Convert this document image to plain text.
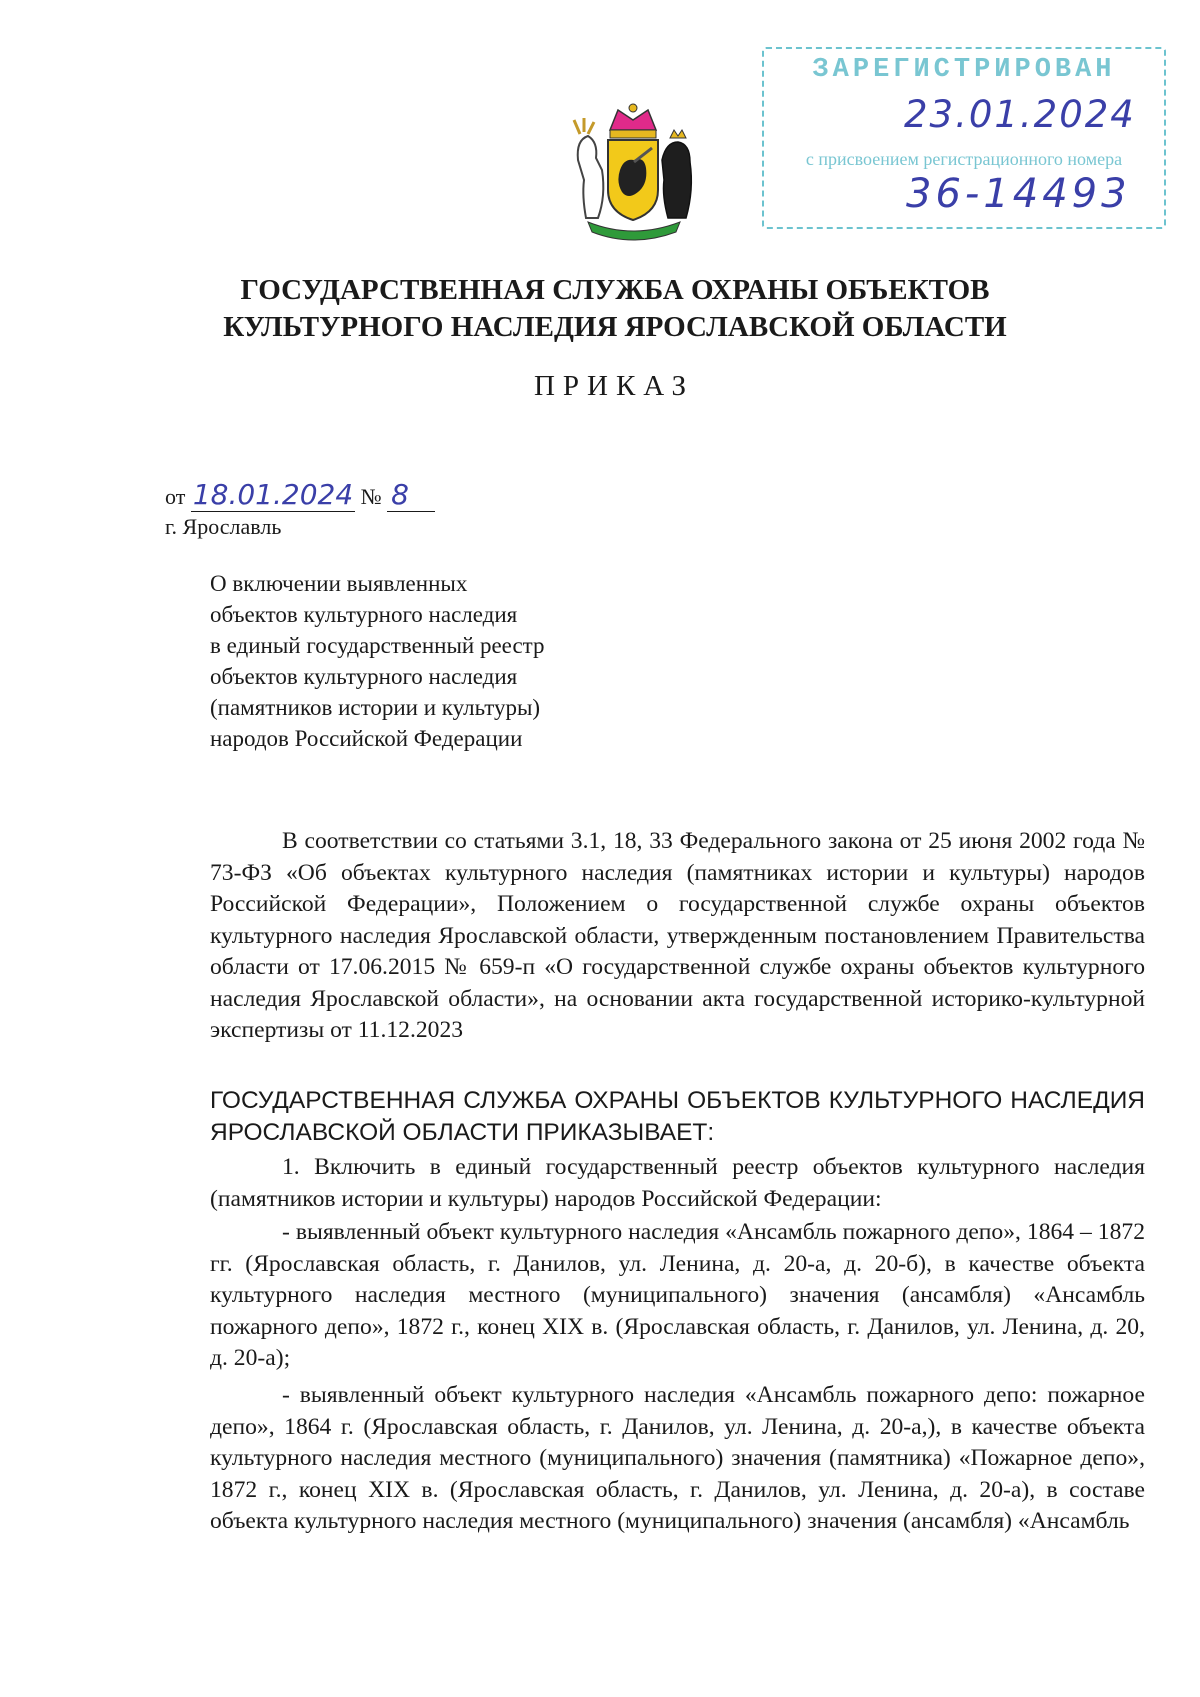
ЗАРЕГИСТРИРОВАН
23.01.2024
с присвоением регистрационного номера
36-14493
ГОСУДАРСТВЕННАЯ СЛУЖБА ОХРАНЫ ОБЪЕКТОВ
КУЛЬТУРНОГО НАСЛЕДИЯ ЯРОСЛАВСКОЙ ОБЛАСТИ
ПРИКАЗ
от 18.01.2024 № 8
г. Ярославль
О включении выявленных
объектов культурного наследия
в единый государственный реестр
объектов культурного наследия
(памятников истории и культуры)
народов Российской Федерации
В соответствии со статьями 3.1, 18, 33 Федерального закона от 25 июня 2002 года № 73-ФЗ «Об объектах культурного наследия (памятниках истории и культуры) народов Российской Федерации», Положением о государственной службе охраны объектов культурного наследия Ярославской области, утвержденным постановлением Правительства области от 17.06.2015 № 659-п «О государственной службе охраны объектов культурного наследия Ярославской области», на основании акта государственной историко-культурной экспертизы от 11.12.2023
ГОСУДАРСТВЕННАЯ СЛУЖБА ОХРАНЫ ОБЪЕКТОВ КУЛЬТУРНОГО НАСЛЕДИЯ ЯРОСЛАВСКОЙ ОБЛАСТИ ПРИКАЗЫВАЕТ:
1. Включить в единый государственный реестр объектов культурного наследия (памятников истории и культуры) народов Российской Федерации:
- выявленный объект культурного наследия «Ансамбль пожарного депо», 1864 – 1872 гг. (Ярославская область, г. Данилов, ул. Ленина, д. 20-а, д. 20-б), в качестве объекта культурного наследия местного (муниципального) значения (ансамбля) «Ансамбль пожарного депо», 1872 г., конец XIX в. (Ярославская область, г. Данилов, ул. Ленина, д. 20, д. 20-а);
- выявленный объект культурного наследия «Ансамбль пожарного депо: пожарное депо», 1864 г. (Ярославская область, г. Данилов, ул. Ленина, д. 20-а,), в качестве объекта культурного наследия местного (муниципального) значения (памятника) «Пожарное депо», 1872 г., конец XIX в. (Ярославская область, г. Данилов, ул. Ленина, д. 20-а), в составе объекта культурного наследия местного (муниципального) значения (ансамбля) «Ансамбль
